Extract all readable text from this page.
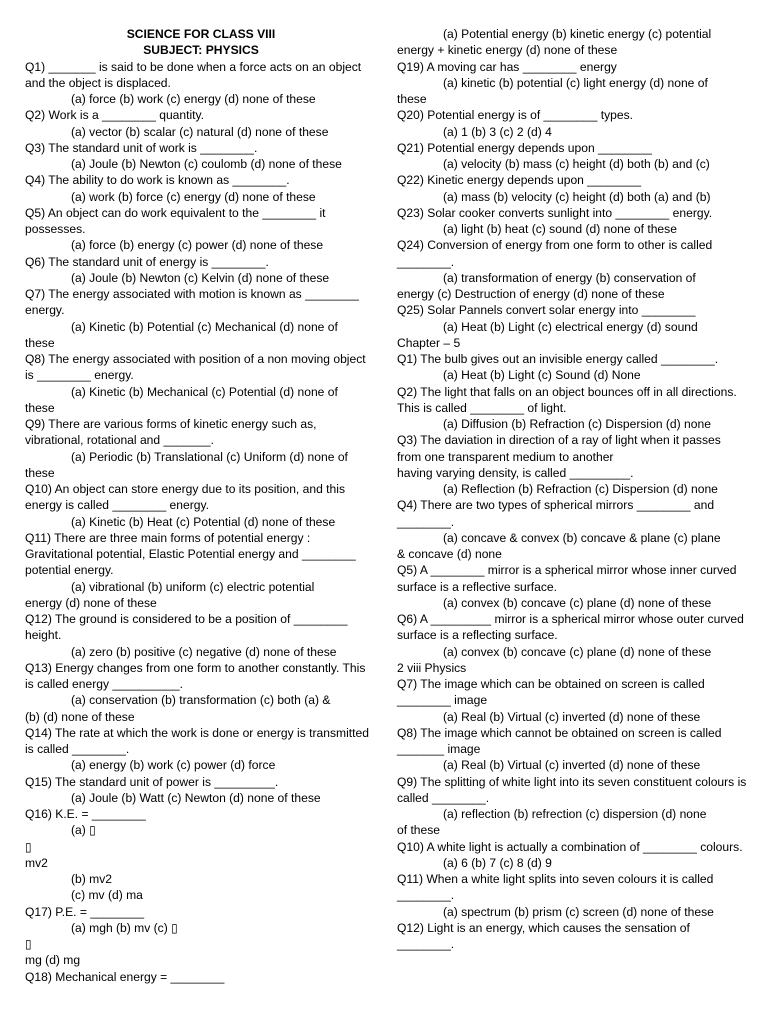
SCIENCE FOR CLASS VIII
SUBJECT: PHYSICS
Q1) _______ is said to be done when a force acts on an object and the object is displaced.
(a) force (b) work (c) energy (d) none of these
Q2) Work is a ________ quantity.
(a) vector (b) scalar (c) natural (d) none of these
Q3) The standard unit of work is ________.
(a) Joule (b) Newton (c) coulomb (d) none of these
Q4) The ability to do work is known as ________.
(a) work (b) force (c) energy (d) none of these
Q5) An object can do work equivalent to the ________ it possesses.
(a) force (b) energy (c) power (d) none of these
Q6) The standard unit of energy is ________.
(a) Joule (b) Newton (c) Kelvin (d) none of these
Q7) The energy associated with motion is known as ________ energy.
(a) Kinetic (b) Potential (c) Mechanical (d) none of
these
Q8) The energy associated with position of a non moving object is ________ energy.
(a) Kinetic (b) Mechanical (c) Potential (d) none of
these
Q9) There are various forms of kinetic energy such as, vibrational, rotational and _______.
(a) Periodic (b) Translational (c) Uniform (d) none of
these
Q10) An object can store energy due to its position, and this energy is called ________ energy.
(a) Kinetic (b) Heat (c) Potential (d) none of these
Q11) There are three main forms of potential energy : Gravitational potential, Elastic Potential energy and ________ potential energy.
(a) vibrational (b) uniform (c) electric potential
energy (d) none of these
Q12) The ground is considered to be a position of ________ height.
(a) zero (b) positive (c) negative (d) none of these
Q13) Energy changes from one form to another constantly. This is called energy __________.
(a) conservation (b) transformation (c) both (a) &
(b) (d) none of these
Q14) The rate at which the work is done or energy is transmitted is called ________.
(a) energy (b) work (c) power (d) force
Q15) The standard unit of power is _________.
(a) Joule (b) Watt (c) Newton (d) none of these
Q16) K.E. = ________
(a) ▯
▯
mv2
(b) mv2
(c) mv (d) ma
Q17) P.E. = ________
(a) mgh (b) mv (c) ▯
▯
mg (d) mg
Q18) Mechanical energy = ________
(a) Potential energy (b) kinetic energy (c) potential
energy + kinetic energy (d) none of these
Q19) A moving car has ________ energy
(a) kinetic (b) potential (c) light energy (d) none of
these
Q20) Potential energy is of ________ types.
(a) 1 (b) 3 (c) 2 (d) 4
Q21) Potential energy depends upon ________
(a) velocity (b) mass (c) height (d) both (b) and (c)
Q22) Kinetic energy depends upon ________
(a) mass (b) velocity (c) height (d) both (a) and (b)
Q23) Solar cooker converts sunlight into ________ energy.
(a) light (b) heat (c) sound (d) none of these
Q24) Conversion of energy from one form to other is called ________.
(a) transformation of energy (b) conservation of
energy (c) Destruction of energy (d) none of these
Q25) Solar Pannels convert solar energy into ________
(a) Heat (b) Light (c) electrical energy (d) sound
Chapter – 5
Q1) The bulb gives out an invisible energy called ________.
(a) Heat (b) Light (c) Sound (d) None
Q2) The light that falls on an object bounces off in all directions. This is called ________ of light.
(a) Diffusion (b) Refraction (c) Dispersion (d) none
Q3) The daviation in direction of a ray of light when it passes from one transparent medium to another
having varying density, is called _________.
(a) Reflection (b) Refraction (c) Dispersion (d) none
Q4) There are two types of spherical mirrors ________ and ________.
(a) concave & convex (b) concave & plane (c) plane
& concave (d) none
Q5) A ________ mirror is a spherical mirror whose inner curved surface is a reflective surface.
(a) convex (b) concave (c) plane (d) none of these
Q6) A _________ mirror is a spherical mirror whose outer curved surface is a reflecting surface.
(a) convex (b) concave (c) plane (d) none of these
2 viii Physics
Q7) The image which can be obtained on screen is called ________ image
(a) Real (b) Virtual (c) inverted (d) none of these
Q8) The image which cannot be obtained on screen is called _______ image
(a) Real (b) Virtual (c) inverted (d) none of these
Q9) The splitting of white light into its seven constituent colours is called ________.
(a) reflection (b) refrection (c) dispersion (d) none
of these
Q10) A white light is actually a combination of ________ colours.
(a) 6 (b) 7 (c) 8 (d) 9
Q11) When a white light splits into seven colours it is called ________.
(a) spectrum (b) prism (c) screen (d) none of these
Q12) Light is an energy, which causes the sensation of ________.
